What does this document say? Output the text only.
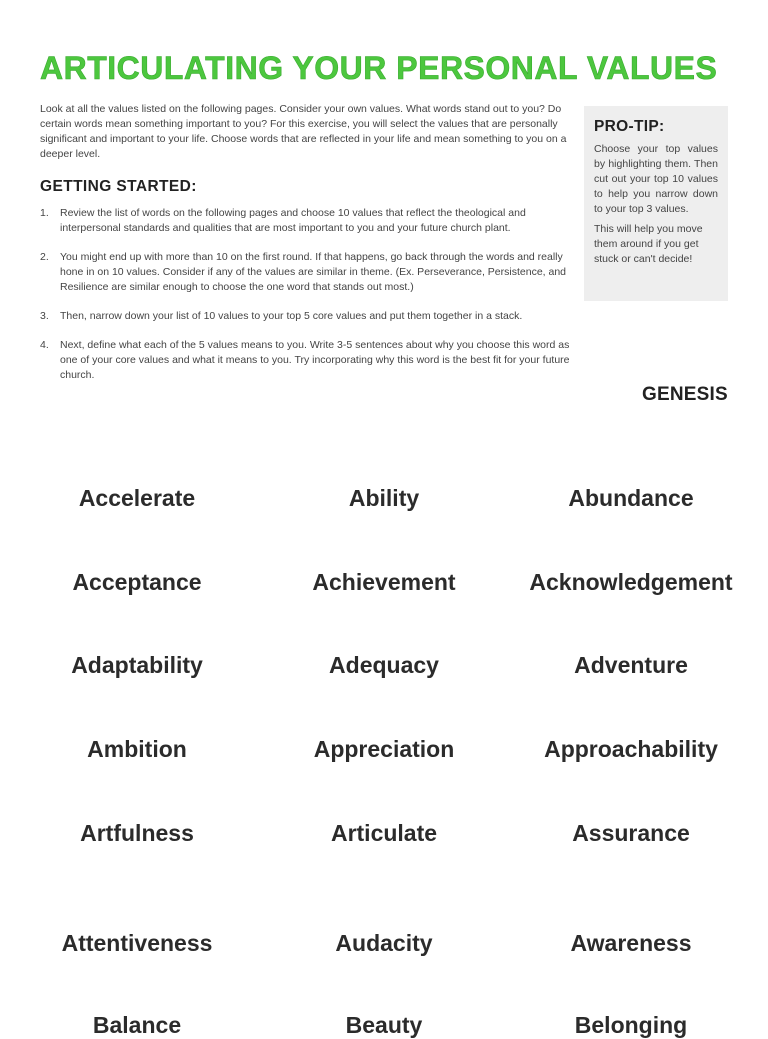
ARTICULATING YOUR PERSONAL VALUES

Look at all the values listed on the following pages. Consider your own values. What words stand out to you? Do certain words mean something important to you? For this exercise, you will select the values that are personally significant and important to your life. Choose words that are reflected in your life and mean something to you on a deeper level.

GETTING STARTED:
1. Review the list of words on the following pages and choose 10 values that reflect the theological and interpersonal standards and qualities that are most important to you and your future church plant.
2. You might end up with more than 10 on the first round. If that happens, go back through the words and really hone in on 10 values. Consider if any of the values are similar in theme. (Ex. Perseverance, Persistence, and Resilience are similar enough to choose the one word that stands out most.)
3. Then, narrow down your list of 10 values to your top 5 core values and put them together in a stack.
4. Next, define what each of the 5 values means to you. Write 3-5 sentences about why you choose this word as one of your core values and what it means to you. Try incorporating why this word is the best fit for your future church.
PRO-TIP:

Choose your top values by highlighting them. Then cut out your top 10 values to help you narrow down to your top 3 values.

This will help you move them around if you get stuck or can't decide!

GENESIS
Accelerate	Ability	Abundance
Acceptance	Achievement	Acknowledgement
Adaptability	Adequacy	Adventure
Ambition	Appreciation	Approachability
Artfulness	Articulate	Assurance
Attentiveness	Audacity	Awareness
Balance	Beauty	Belonging
